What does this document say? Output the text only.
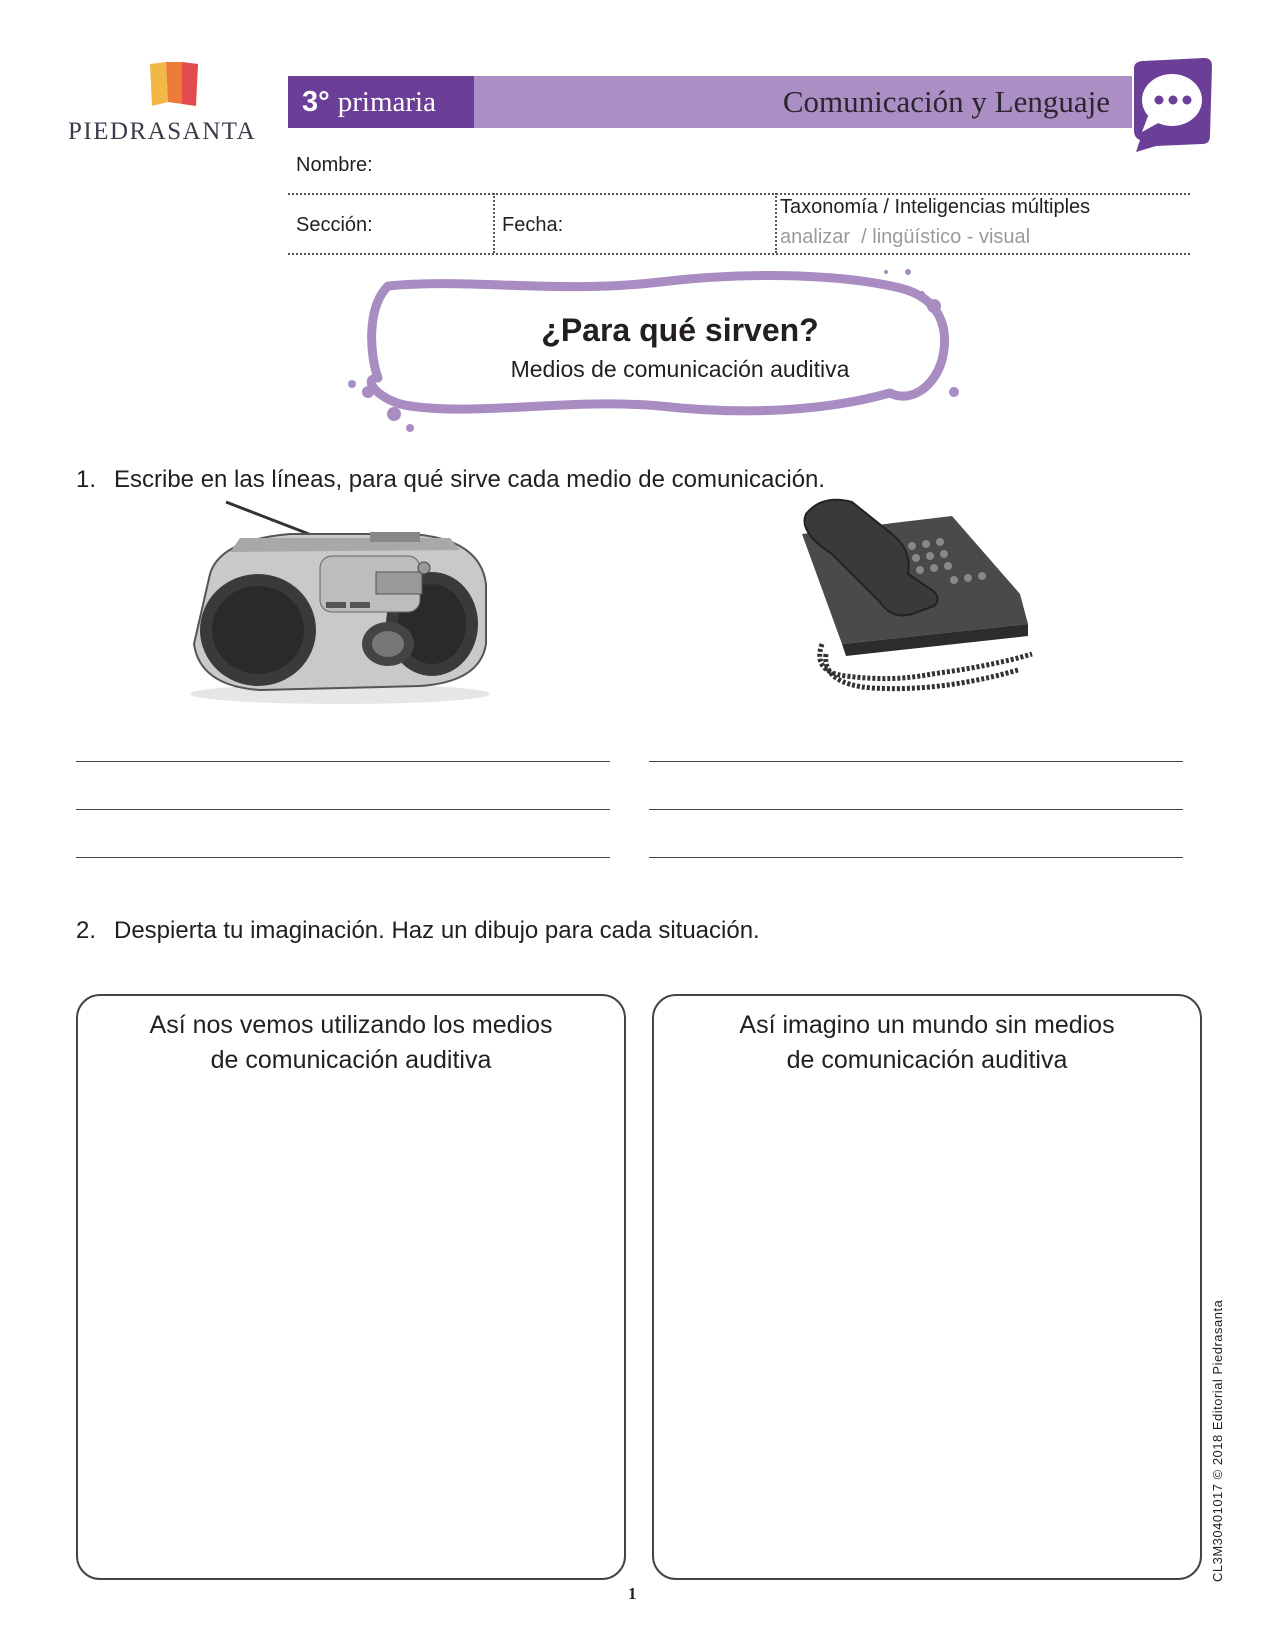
PIEDRASANTA
3° primaria	Comunicación y Lenguaje
Nombre:
Sección:	Fecha:
Taxonomía / Inteligencias múltiples
analizar  / lingüístico - visual
¿Para qué sirven?
Medios de comunicación auditiva
1. Escribe en las líneas, para qué sirve cada medio de comunicación.
2. Despierta tu imaginación. Haz un dibujo para cada situación.
Así nos vemos utilizando los medios
de comunicación auditiva
Así imagino un mundo sin medios
de comunicación auditiva
1
CL3M30401017 © 2018 Editorial Piedrasanta
